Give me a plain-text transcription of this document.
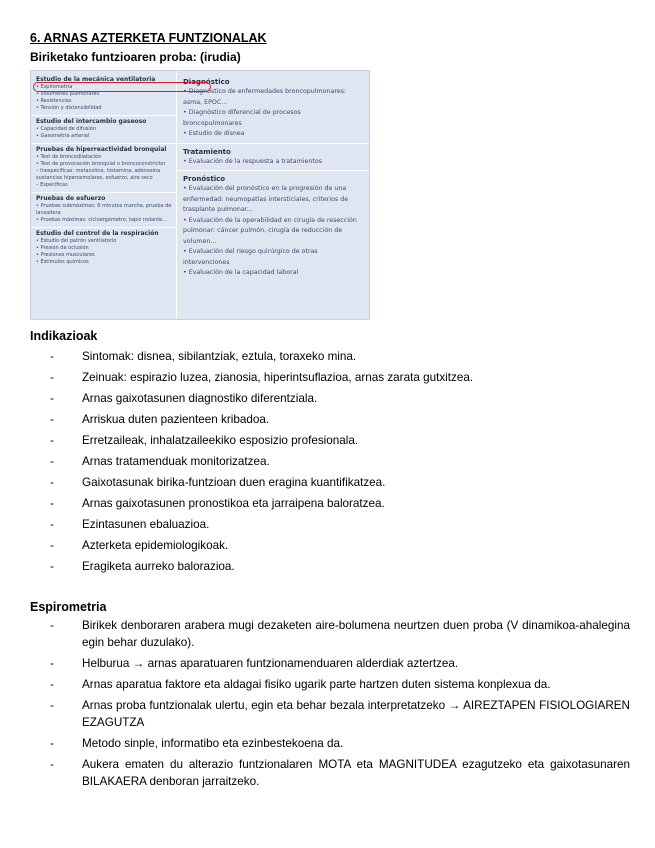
6. ARNAS AZTERKETA FUNTZIONALAK
Biriketako funtzioaren proba: (irudia)
Estudio de la mecánica ventilatoria
• Espirometría
• Volúmenes pulmonares
• Resistencias
• Tensión y distensibilidad
Estudio del intercambio gaseoso
• Capacidad de difusión
• Gasometría arterial
Pruebas de hiperreactividad bronquial
• Test de broncodilatación
• Test de provocación bronquial o broncoconstrictor
– Inespecíficas: metacolina, histamina, adenosina
sustancias hiperosmolares, esfuerzo, aire seco
– Específicas
Pruebas de esfuerzo
• Pruebas submáximas: 6 minutos marcha, prueba de
lanzadera
• Pruebas máximas: cicloergómetro, tapiz rodante...
Estudio del control de la respiración
• Estudio del patrón ventilatorio
• Presión de oclusión
• Presiones musculares
• Estímulos químicos
Diagnóstico
• Diagnóstico de enfermedades broncopulmonares:
asma, EPOC...
• Diagnóstico diferencial de procesos
broncopulmonares
• Estudio de disnea
Tratamiento
• Evaluación de la respuesta a tratamientos
Pronóstico
• Evaluación del pronóstico en la progresión de una
enfermedad: neumopatías intersticiales, criterios de
trasplante pulmonar...
• Evaluación de la operabilidad en cirugía de resección
pulmonar: cáncer pulmón, cirugía de reducción de
volumen...
• Evaluación del riesgo quirúrgico de otras
intervenciones
• Evaluación de la capacidad laboral
Indikazioak
- Sintomak: disnea, sibilantziak, eztula, toraxeko mina.
- Zeinuak: espirazio luzea, zianosia, hiperintsuflazioa, arnas zarata gutxitzea.
- Arnas gaixotasunen diagnostiko diferentziala.
- Arriskua duten pazienteen kribadoa.
- Erretzaileak, inhalatzaileekiko esposizio profesionala.
- Arnas tratamenduak monitorizatzea.
- Gaixotasunak birika-funtzioan duen eragina kuantifikatzea.
- Arnas gaixotasunen pronostikoa eta jarraipena baloratzea.
- Ezintasunen ebaluazioa.
- Azterketa epidemiologikoak.
- Eragiketa aurreko balorazioa.
Espirometria
- Birikek denboraren arabera mugi dezaketen aire-bolumena neurtzen duen proba (V dinamikoa-ahalegina egin behar duzulako).
- Helburua → arnas aparatuaren funtzionamenduaren alderdiak aztertzea.
- Arnas aparatua faktore eta aldagai fisiko ugarik parte hartzen duten sistema konplexua da.
- Arnas proba funtzionalak ulertu, egin eta behar bezala interpretatzeko → AIREZTAPEN FISIOLOGIAREN EZAGUTZA
- Metodo sinple, informatibo eta ezinbestekoena da.
- Aukera ematen du alterazio funtzionalaren MOTA eta MAGNITUDEA ezagutzeko eta gaixotasunaren BILAKAERA denboran jarraitzeko.
